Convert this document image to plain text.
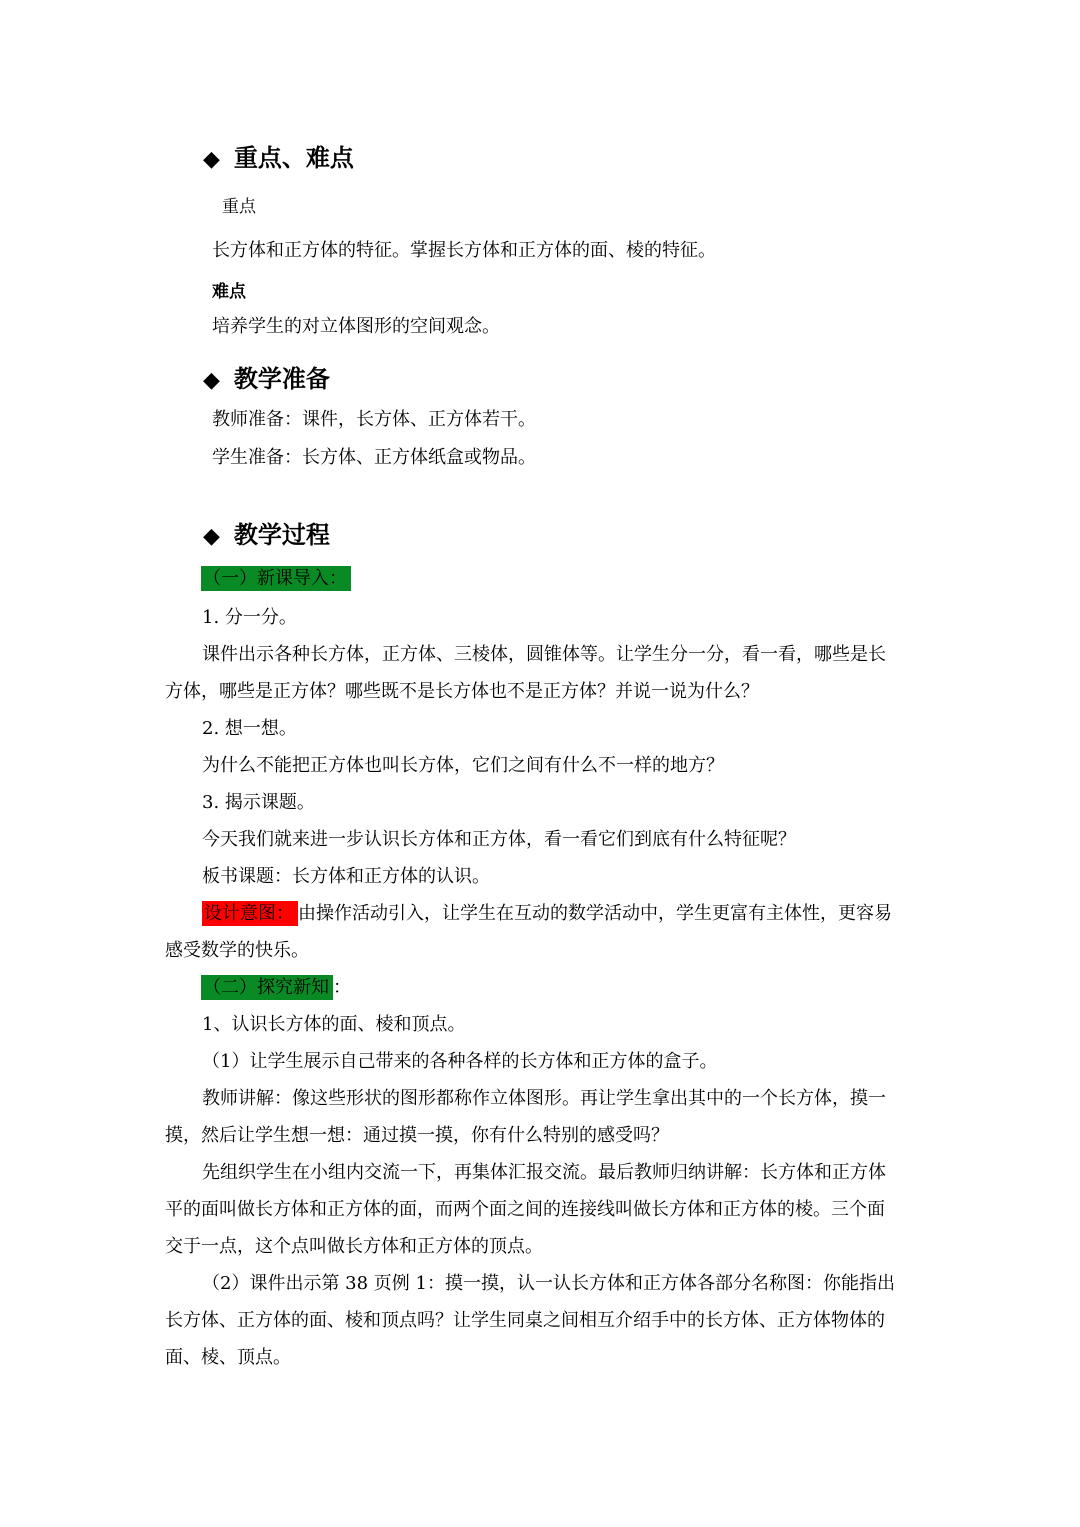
◆ 重点、难点
重点
长方体和正方体的特征。掌握长方体和正方体的面、棱的特征。
难点
培养学生的对立体图形的空间观念。
◆ 教学准备
教师准备：课件，长方体、正方体若干。
学生准备：长方体、正方体纸盒或物品。
◆ 教学过程
（一）新课导入：
1. 分一分。
课件出示各种长方体，正方体、三棱体，圆锥体等。让学生分一分，看一看，哪些是长
方体，哪些是正方体？哪些既不是长方体也不是正方体？并说一说为什么？
2. 想一想。
为什么不能把正方体也叫长方体，它们之间有什么不一样的地方？
3. 揭示课题。
今天我们就来进一步认识长方体和正方体，看一看它们到底有什么特征呢？
板书课题：长方体和正方体的认识。
设计意图： 由操作活动引入，让学生在互动的数学活动中，学生更富有主体性，更容易
感受数学的快乐。
（二）探究新知 ：
1、认识长方体的面、棱和顶点。
（1）让学生展示自己带来的各种各样的长方体和正方体的盒子。
教师讲解：像这些形状的图形都称作立体图形。再让学生拿出其中的一个长方体，摸一
摸，然后让学生想一想：通过摸一摸，你有什么特别的感受吗？
先组织学生在小组内交流一下，再集体汇报交流。最后教师归纳讲解：长方体和正方体
平的面叫做长方体和正方体的面，而两个面之间的连接线叫做长方体和正方体的棱。三个面
交于一点，这个点叫做长方体和正方体的顶点。
（2）课件出示第 38 页例 1：摸一摸，认一认长方体和正方体各部分名称图：你能指出
长方体、正方体的面、棱和顶点吗？让学生同桌之间相互介绍手中的长方体、正方体物体的
面、棱、顶点。
